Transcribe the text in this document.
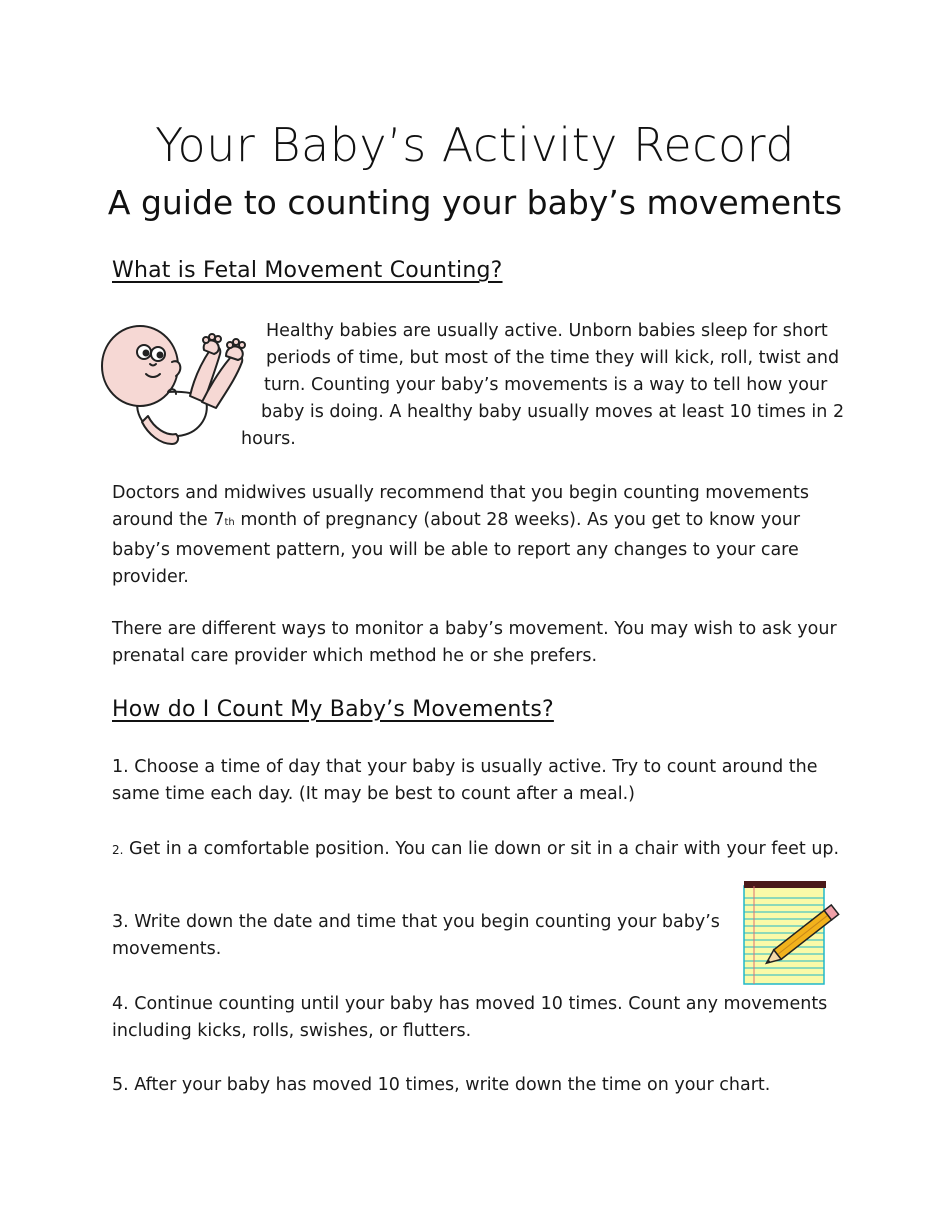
Your Baby’s Activity Record
A guide to counting your baby’s movements
What is Fetal Movement Counting?
Healthy babies are usually active. Unborn babies sleep for short
periods of time, but most of the time they will kick, roll, twist and
turn. Counting your baby’s movements is a way to tell how your
baby is doing. A healthy baby usually moves at least 10 times in 2
hours.
Doctors and midwives usually recommend that you begin counting movements around the 7th month of pregnancy (about 28 weeks). As you get to know your baby’s movement pattern, you will be able to report any changes to your care provider.
There are different ways to monitor a baby’s movement. You may wish to ask your prenatal care provider which method he or she prefers.
How do I Count My Baby’s Movements?
1. Choose a time of day that your baby is usually active. Try to count around the same time each day. (It may be best to count after a meal.)
2. Get in a comfortable position. You can lie down or sit in a chair with your feet up.
3. Write down the date and time that you begin counting your baby’s movements.
4. Continue counting until your baby has moved 10 times. Count any movements including kicks, rolls, swishes, or flutters.
5. After your baby has moved 10 times, write down the time on your chart.
